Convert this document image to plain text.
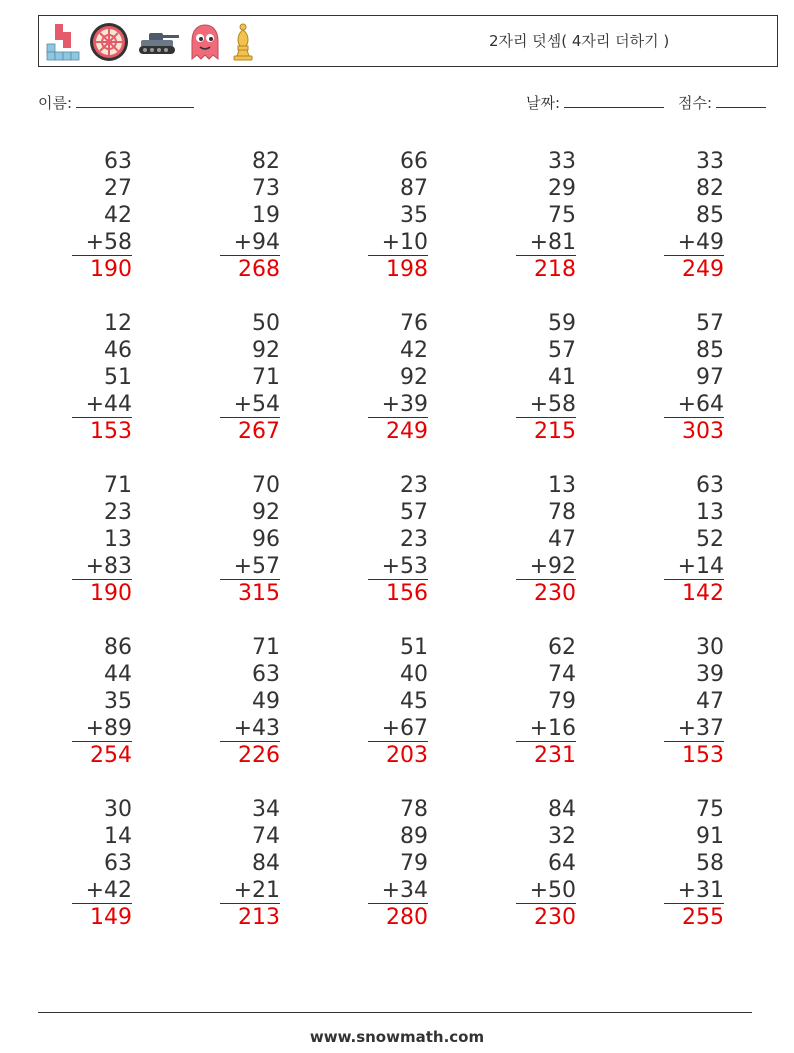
2자리 덧셈( 4자리 더하기 )
이름:	날짜:	점수:
63
27
42
+58
190
82
73
19
+94
268
66
87
35
+10
198
33
29
75
+81
218
33
82
85
+49
249
12
46
51
+44
153
50
92
71
+54
267
76
42
92
+39
249
59
57
41
+58
215
57
85
97
+64
303
71
23
13
+83
190
70
92
96
+57
315
23
57
23
+53
156
13
78
47
+92
230
63
13
52
+14
142
86
44
35
+89
254
71
63
49
+43
226
51
40
45
+67
203
62
74
79
+16
231
30
39
47
+37
153
30
14
63
+42
149
34
74
84
+21
213
78
89
79
+34
280
84
32
64
+50
230
75
91
58
+31
255
www.snowmath.com
